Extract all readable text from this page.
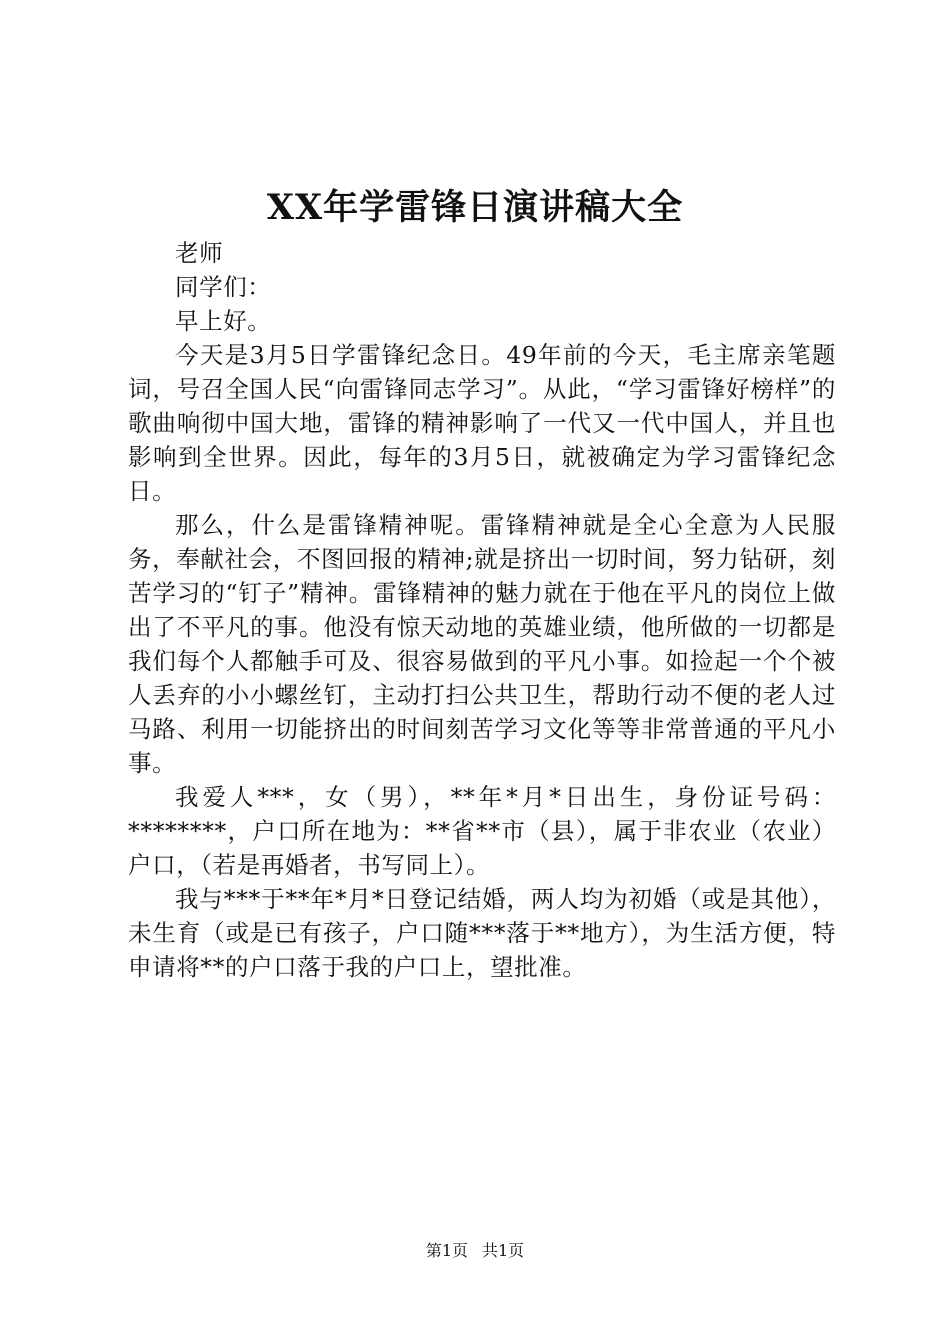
XX年学雷锋日演讲稿大全

老师

同学们：

早上好。

今天是3月5日学雷锋纪念日。49年前的今天，毛主席亲笔题词，号召全国人民“向雷锋同志学习”。从此，“学习雷锋好榜样”的歌曲响彻中国大地，雷锋的精神影响了一代又一代中国人，并且也影响到全世界。因此，每年的3月5日，就被确定为学习雷锋纪念日。

那么，什么是雷锋精神呢。雷锋精神就是全心全意为人民服务，奉献社会，不图回报的精神;就是挤出一切时间，努力钻研，刻苦学习的“钉子”精神。雷锋精神的魅力就在于他在平凡的岗位上做出了不平凡的事。他没有惊天动地的英雄业绩，他所做的一切都是我们每个人都触手可及、很容易做到的平凡小事。如捡起一个个被人丢弃的小小螺丝钉，主动打扫公共卫生，帮助行动不便的老人过马路、利用一切能挤出的时间刻苦学习文化等等非常普通的平凡小事。

我爱人***，女（男），**年*月*日出生，身份证号码：********，户口所在地为：**省**市（县），属于非农业（农业）户口，（若是再婚者，书写同上）。

我与***于**年*月*日登记结婚，两人均为初婚（或是其他），未生育（或是已有孩子，户口随***落于**地方），为生活方便，特申请将**的户口落于我的户口上，望批准。

第1页 共1页
